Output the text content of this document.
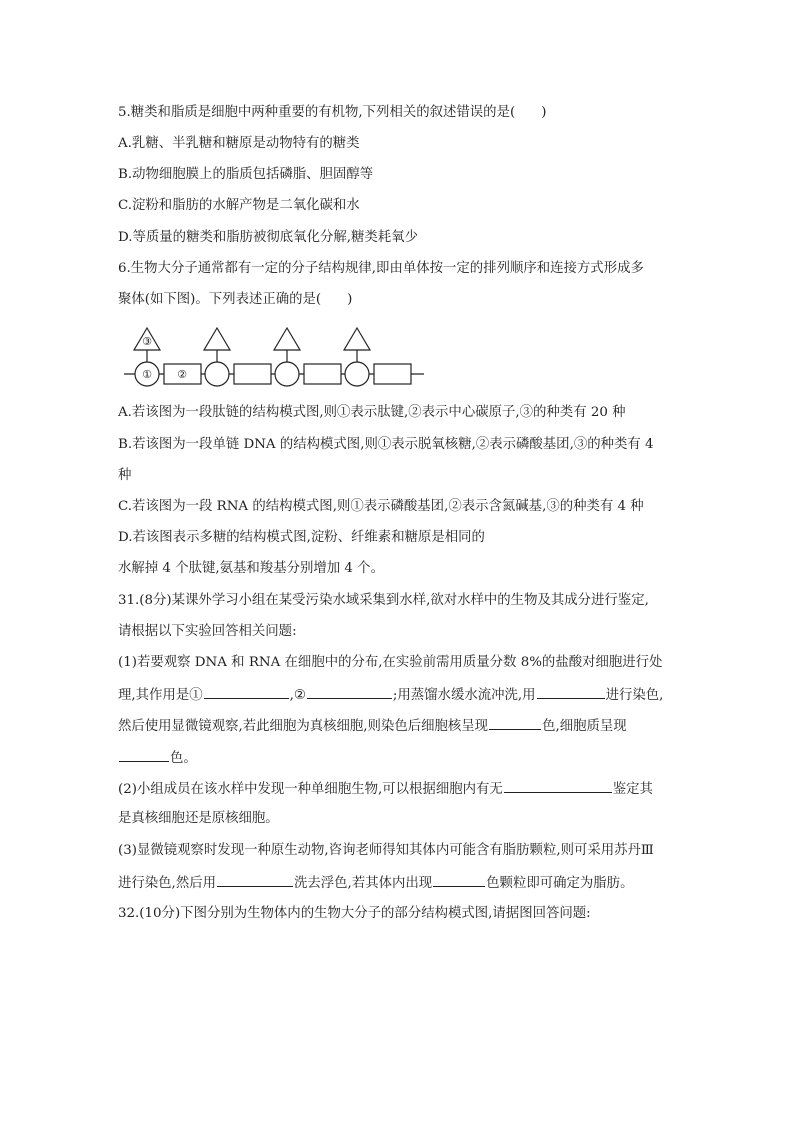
5.糖类和脂质是细胞中两种重要的有机物,下列相关的叙述错误的是( )
A.乳糖、半乳糖和糖原是动物特有的糖类
B.动物细胞膜上的脂质包括磷脂、胆固醇等
C.淀粉和脂肪的水解产物是二氧化碳和水
D.等质量的糖类和脂肪被彻底氧化分解,糖类耗氧少
6.生物大分子通常都有一定的分子结构规律,即由单体按一定的排列顺序和连接方式形成多
聚体(如下图)。下列表述正确的是( )
③
① ②
A.若该图为一段肽链的结构模式图,则①表示肽键,②表示中心碳原子,③的种类有 20 种
B.若该图为一段单链 DNA 的结构模式图,则①表示脱氧核糖,②表示磷酸基团,③的种类有 4
种
C.若该图为一段 RNA 的结构模式图,则①表示磷酸基团,②表示含氮碱基,③的种类有 4 种
D.若该图表示多糖的结构模式图,淀粉、纤维素和糖原是相同的
水解掉 4 个肽键,氨基和羧基分别增加 4 个。
31.(8分)某课外学习小组在某受污染水域采集到水样,欲对水样中的生物及其成分进行鉴定,
请根据以下实验回答相关问题:
(1)若要观察 DNA 和 RNA 在细胞中的分布,在实验前需用质量分数 8%的盐酸对细胞进行处
理,其作用是①	,②	;用蒸馏水缓水流冲洗,用	进行染色,
然后使用显微镜观察,若此细胞为真核细胞,则染色后细胞核呈现	色,细胞质呈现
色。
(2)小组成员在该水样中发现一种单细胞生物,可以根据细胞内有无	鉴定其
是真核细胞还是原核细胞。
(3)显微镜观察时发现一种原生动物,咨询老师得知其体内可能含有脂肪颗粒,则可采用苏丹Ⅲ
进行染色,然后用	洗去浮色,若其体内出现	色颗粒即可确定为脂肪。
32.(10分)下图分别为生物体内的生物大分子的部分结构模式图,请据图回答问题:
